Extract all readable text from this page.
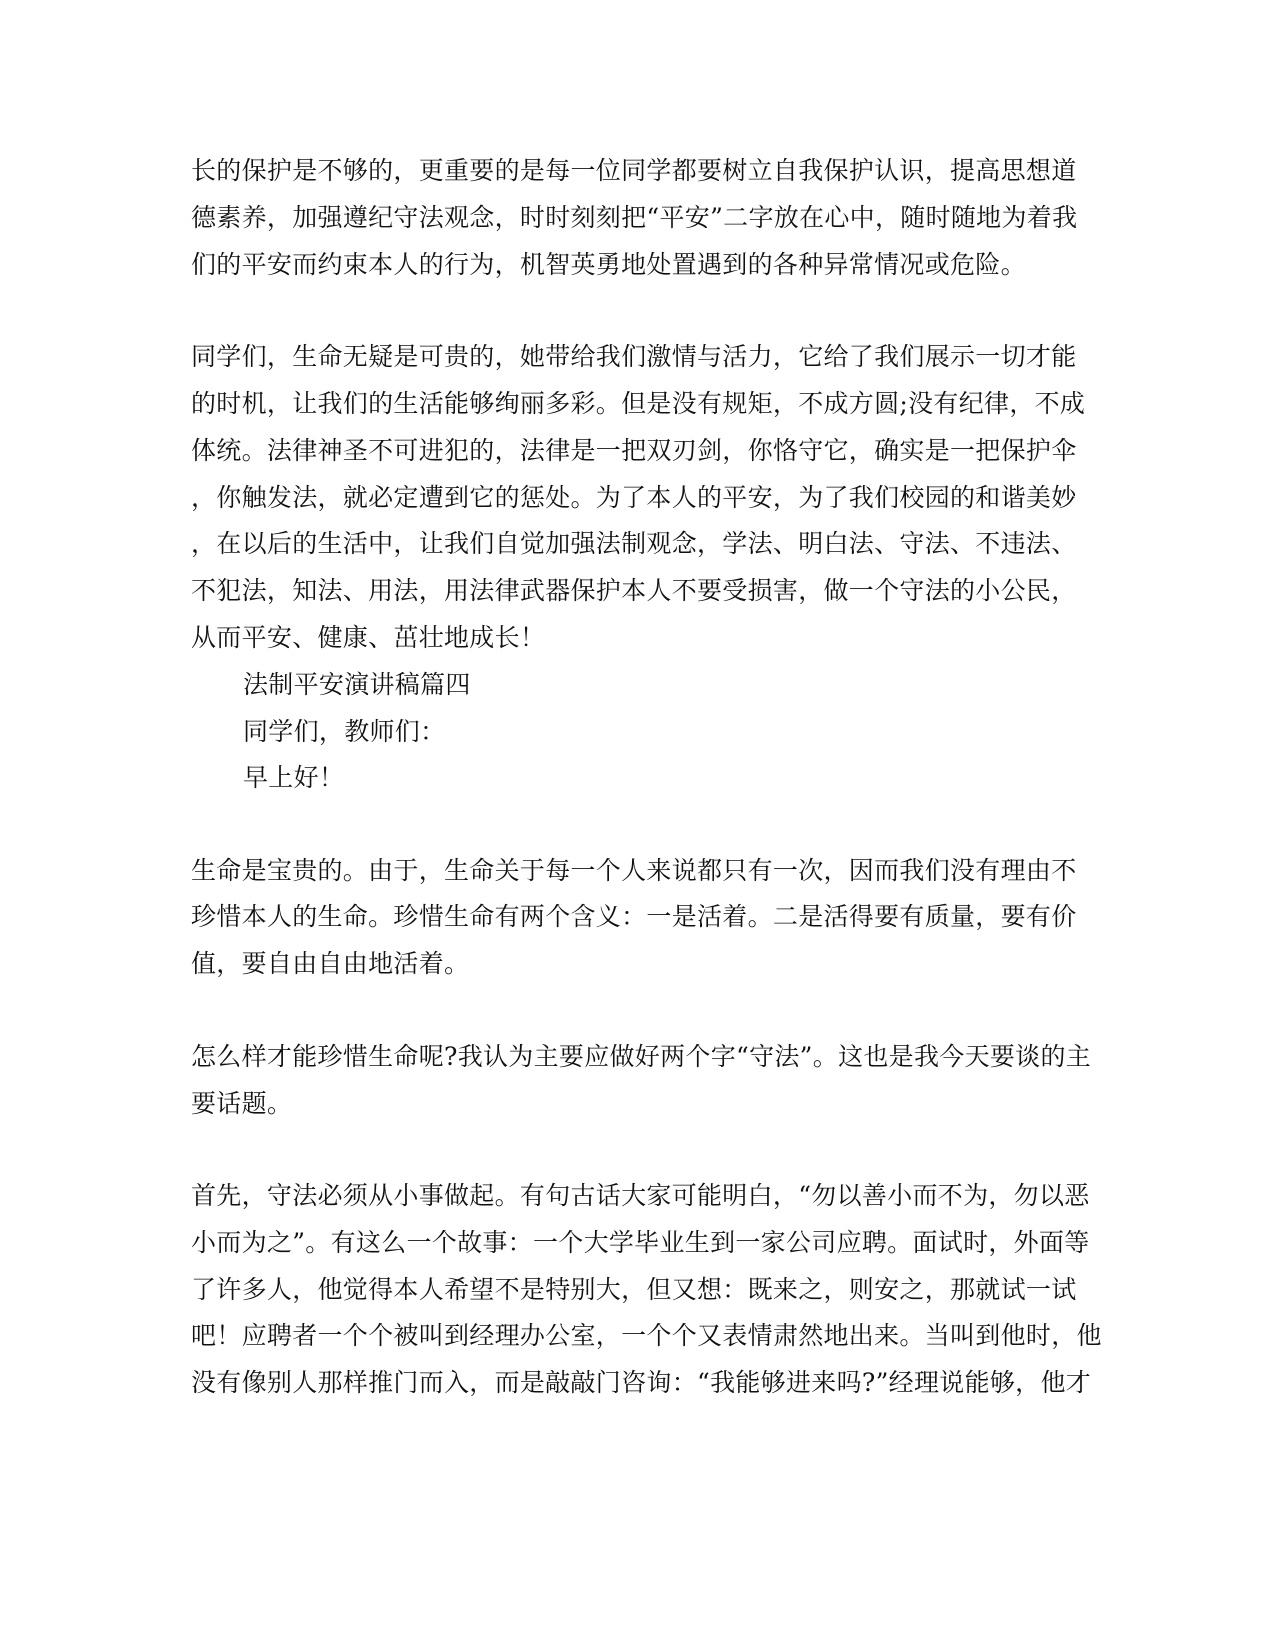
长的保护是不够的，更重要的是每一位同学都要树立自我保护认识，提高思想道
德素养，加强遵纪守法观念，时时刻刻把“平安”二字放在心中，随时随地为着我
们的平安而约束本人的行为，机智英勇地处置遇到的各种异常情况或危险。
同学们，生命无疑是可贵的，她带给我们激情与活力，它给了我们展示一切才能
的时机，让我们的生活能够绚丽多彩。但是没有规矩，不成方圆;没有纪律，不成
体统。法律神圣不可进犯的，法律是一把双刃剑，你恪守它，确实是一把保护伞
，你触发法，就必定遭到它的惩处。为了本人的平安，为了我们校园的和谐美妙
，在以后的生活中，让我们自觉加强法制观念，学法、明白法、守法、不违法、
不犯法，知法、用法，用法律武器保护本人不要受损害，做一个守法的小公民，
从而平安、健康、茁壮地成长！
法制平安演讲稿篇四
同学们，教师们：
早上好！
生命是宝贵的。由于，生命关于每一个人来说都只有一次，因而我们没有理由不
珍惜本人的生命。珍惜生命有两个含义：一是活着。二是活得要有质量，要有价
值，要自由自由地活着。
怎么样才能珍惜生命呢?我认为主要应做好两个字“守法”。这也是我今天要谈的主
要话题。
首先，守法必须从小事做起。有句古话大家可能明白，“勿以善小而不为，勿以恶
小而为之”。有这么一个故事：一个大学毕业生到一家公司应聘。面试时，外面等
了许多人，他觉得本人希望不是特别大，但又想：既来之，则安之，那就试一试
吧！应聘者一个个被叫到经理办公室，一个个又表情肃然地出来。当叫到他时，他
没有像别人那样推门而入，而是敲敲门咨询：“我能够进来吗?”经理说能够，他才
